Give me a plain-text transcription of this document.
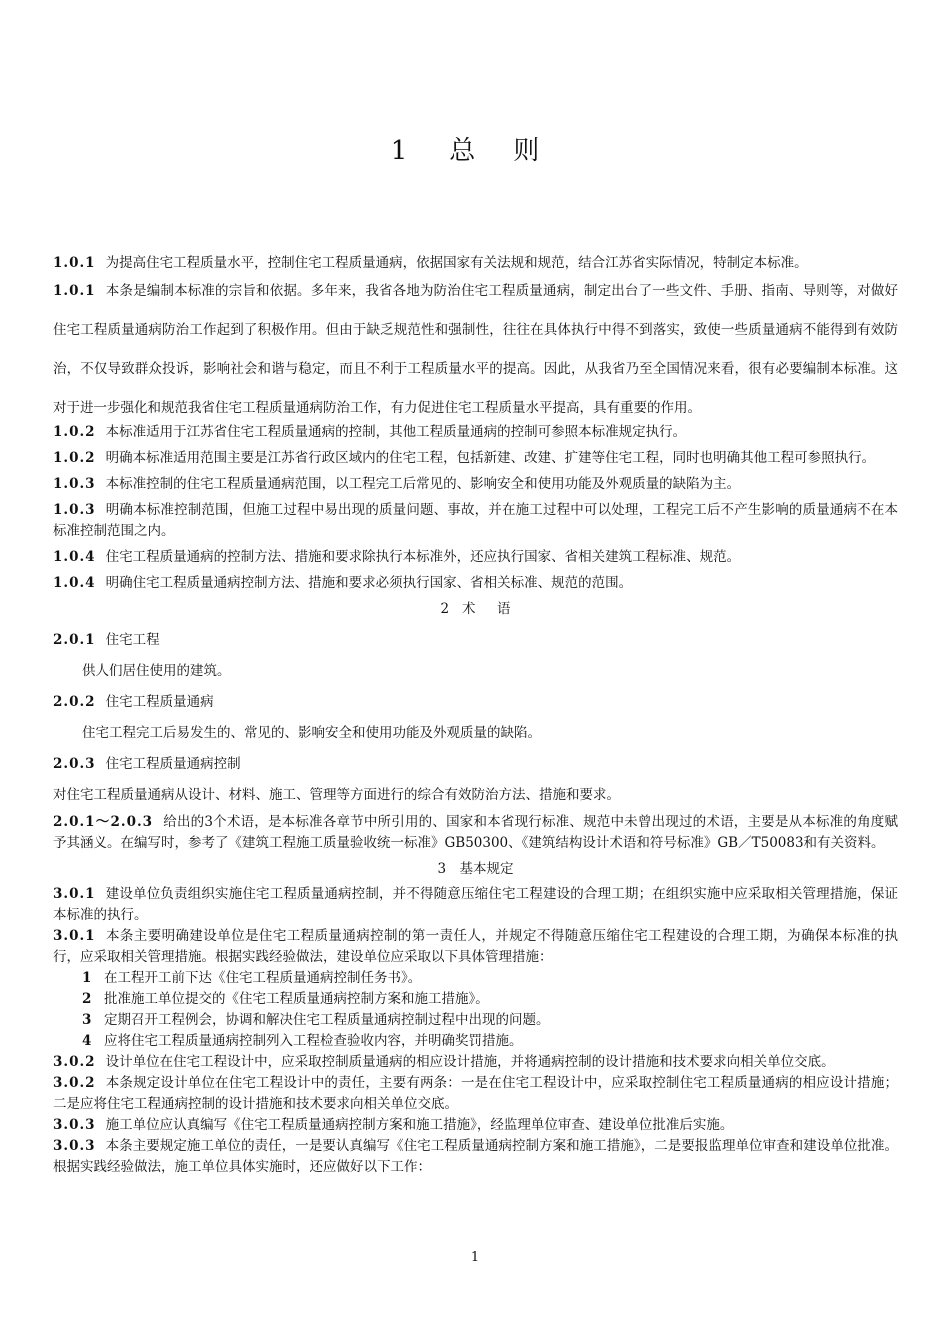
1 总 则

1.0.1 为提高住宅工程质量水平，控制住宅工程质量通病，依据国家有关法规和规范，结合江苏省实际情况，特制定本标准。

1.0.1 本条是编制本标准的宗旨和依据。多年来，我省各地为防治住宅工程质量通病，制定出台了一些文件、手册、指南、导则等，对做好住宅工程质量通病防治工作起到了积极作用。但由于缺乏规范性和强制性，往往在具体执行中得不到落实，致使一些质量通病不能得到有效防治，不仅导致群众投诉，影响社会和谐与稳定，而且不利于工程质量水平的提高。因此，从我省乃至全国情况来看，很有必要编制本标准。这对于进一步强化和规范我省住宅工程质量通病防治工作，有力促进住宅工程质量水平提高，具有重要的作用。

1.0.2 本标准适用于江苏省住宅工程质量通病的控制，其他工程质量通病的控制可参照本标准规定执行。

1.0.2 明确本标准适用范围主要是江苏省行政区域内的住宅工程，包括新建、改建、扩建等住宅工程，同时也明确其他工程可参照执行。

1.0.3 本标准控制的住宅工程质量通病范围，以工程完工后常见的、影响安全和使用功能及外观质量的缺陷为主。

1.0.3 明确本标准控制范围，但施工过程中易出现的质量问题、事故，并在施工过程中可以处理，工程完工后不产生影响的质量通病不在本标准控制范围之内。

1.0.4 住宅工程质量通病的控制方法、措施和要求除执行本标准外，还应执行国家、省相关建筑工程标准、规范。

1.0.4 明确住宅工程质量通病控制方法、措施和要求必须执行国家、省相关标准、规范的范围。

2 术 语

2.0.1 住宅工程

供人们居住使用的建筑。

2.0.2 住宅工程质量通病

住宅工程完工后易发生的、常见的、影响安全和使用功能及外观质量的缺陷。

2.0.3 住宅工程质量通病控制

对住宅工程质量通病从设计、材料、施工、管理等方面进行的综合有效防治方法、措施和要求。

2.0.1～2.0.3 给出的3个术语，是本标准各章节中所引用的、国家和本省现行标准、规范中未曾出现过的术语，主要是从本标准的角度赋予其涵义。在编写时，参考了《建筑工程施工质量验收统一标准》GB50300、《建筑结构设计术语和符号标准》GB／T50083和有关资料。

3　基本规定

3.0.1 建设单位负责组织实施住宅工程质量通病控制，并不得随意压缩住宅工程建设的合理工期；在组织实施中应采取相关管理措施，保证本标准的执行。

3.0.1 本条主要明确建设单位是住宅工程质量通病控制的第一责任人，并规定不得随意压缩住宅工程建设的合理工期，为确保本标准的执行，应采取相关管理措施。根据实践经验做法，建设单位应采取以下具体管理措施：

1 在工程开工前下达《住宅工程质量通病控制任务书》。

2 批准施工单位提交的《住宅工程质量通病控制方案和施工措施》。

3 定期召开工程例会，协调和解决住宅工程质量通病控制过程中出现的问题。

4 应将住宅工程质量通病控制列入工程检查验收内容，并明确奖罚措施。

3.0.2 设计单位在住宅工程设计中，应采取控制质量通病的相应设计措施，并将通病控制的设计措施和技术要求向相关单位交底。

3.0.2 本条规定设计单位在住宅工程设计中的责任，主要有两条：一是在住宅工程设计中，应采取控制住宅工程质量通病的相应设计措施；二是应将住宅工程通病控制的设计措施和技术要求向相关单位交底。

3.0.3 施工单位应认真编写《住宅工程质量通病控制方案和施工措施》，经监理单位审查、建设单位批准后实施。

3.0.3 本条主要规定施工单位的责任，一是要认真编写《住宅工程质量通病控制方案和施工措施》，二是要报监理单位审查和建设单位批准。根据实践经验做法，施工单位具体实施时，还应做好以下工作：

1
